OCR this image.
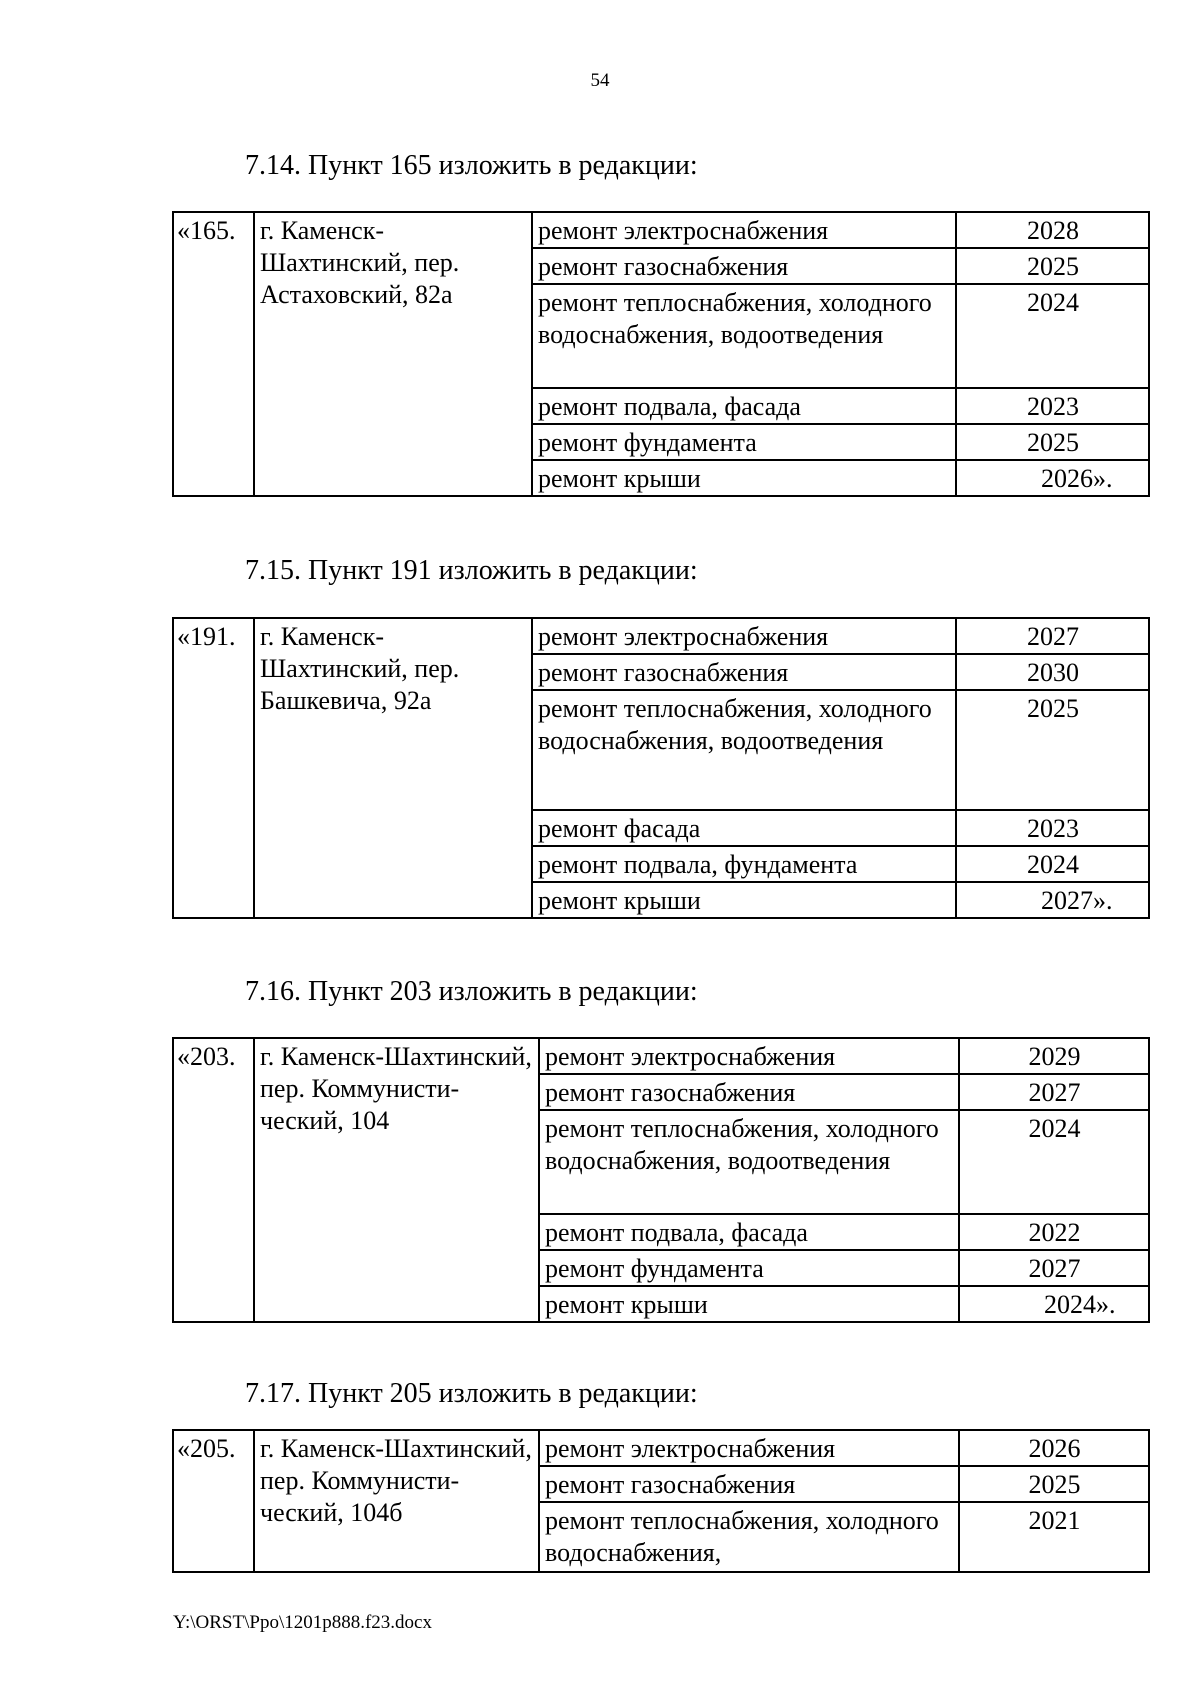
54
7.14. Пункт 165 изложить в редакции:
«165.	г. Каменск-Шахтинский, пер. Астаховский, 82а	ремонт электроснабжения	2028
		ремонт газоснабжения	2025
		ремонт теплоснабжения, холодного водоснабжения, водоотведения	2024
		ремонт подвала, фасада	2023
		ремонт фундамента	2025
		ремонт крыши	2026».
7.15. Пункт 191 изложить в редакции:
«191.	г. Каменск-Шахтинский, пер. Башкевича, 92а	ремонт электроснабжения	2027
		ремонт газоснабжения	2030
		ремонт теплоснабжения, холодного водоснабжения, водоотведения	2025
		ремонт фасада	2023
		ремонт подвала, фундамента	2024
		ремонт крыши	2027».
7.16. Пункт 203 изложить в редакции:
«203.	г. Каменск-Шахтинский, пер. Коммунисти-ческий, 104	ремонт электроснабжения	2029
		ремонт газоснабжения	2027
		ремонт теплоснабжения, холодного водоснабжения, водоотведения	2024
		ремонт подвала, фасада	2022
		ремонт фундамента	2027
		ремонт крыши	2024».
7.17. Пункт 205 изложить в редакции:
«205.	г. Каменск-Шахтинский, пер. Коммунисти-ческий, 104б	ремонт электроснабжения	2026
		ремонт газоснабжения	2025
		ремонт теплоснабжения, холодного водоснабжения,	2021
Y:\ORST\Ppo\1201p888.f23.docx
